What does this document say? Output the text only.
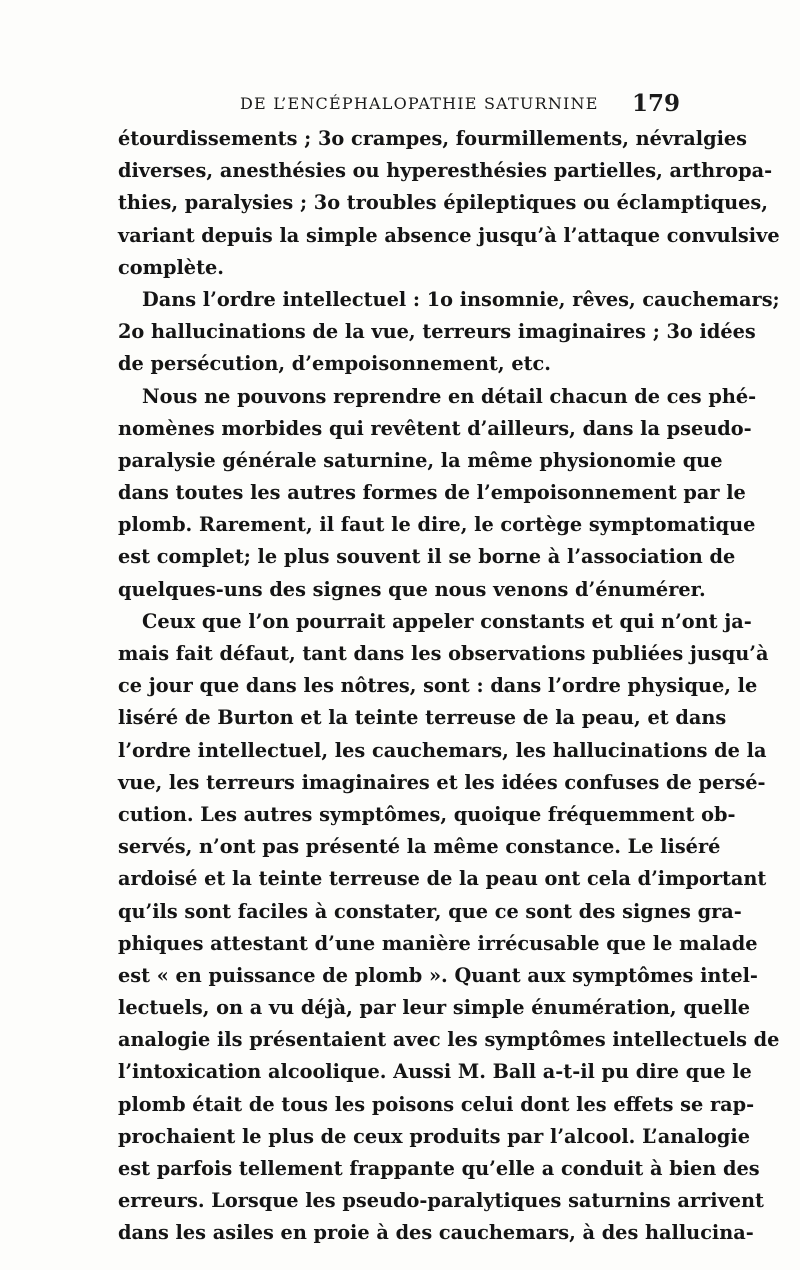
DE L’ENCÉPHALOPATHIE SATURNINE 179
étourdissements ; 3o crampes, fourmillements, névralgies
diverses, anesthésies ou hyperesthésies partielles, arthropa-
thies, paralysies ; 3o troubles épileptiques ou éclamptiques,
variant depuis la simple absence jusqu’à l’attaque convulsive
complète.
Dans l’ordre intellectuel : 1o insomnie, rêves, cauchemars;
2o hallucinations de la vue, terreurs imaginaires ; 3o idées
de persécution, d’empoisonnement, etc.
Nous ne pouvons reprendre en détail chacun de ces phé-
nomènes morbides qui revêtent d’ailleurs, dans la pseudo-
paralysie générale saturnine, la même physionomie que
dans toutes les autres formes de l’empoisonnement par le
plomb. Rarement, il faut le dire, le cortège symptomatique
est complet; le plus souvent il se borne à l’association de
quelques-uns des signes que nous venons d’énumérer.
Ceux que l’on pourrait appeler constants et qui n’ont ja-
mais fait défaut, tant dans les observations publiées jusqu’à
ce jour que dans les nôtres, sont : dans l’ordre physique, le
liséré de Burton et la teinte terreuse de la peau, et dans
l’ordre intellectuel, les cauchemars, les hallucinations de la
vue, les terreurs imaginaires et les idées confuses de persé-
cution. Les autres symptômes, quoique fréquemment ob-
servés, n’ont pas présenté la même constance. Le liséré
ardoisé et la teinte terreuse de la peau ont cela d’important
qu’ils sont faciles à constater, que ce sont des signes gra-
phiques attestant d’une manière irrécusable que le malade
est « en puissance de plomb ». Quant aux symptômes intel-
lectuels, on a vu déjà, par leur simple énumération, quelle
analogie ils présentaient avec les symptômes intellectuels de
l’intoxication alcoolique. Aussi M. Ball a-t-il pu dire que le
plomb était de tous les poisons celui dont les effets se rap-
prochaient le plus de ceux produits par l’alcool. L’analogie
est parfois tellement frappante qu’elle a conduit à bien des
erreurs. Lorsque les pseudo-paralytiques saturnins arrivent
dans les asiles en proie à des cauchemars, à des hallucina-
